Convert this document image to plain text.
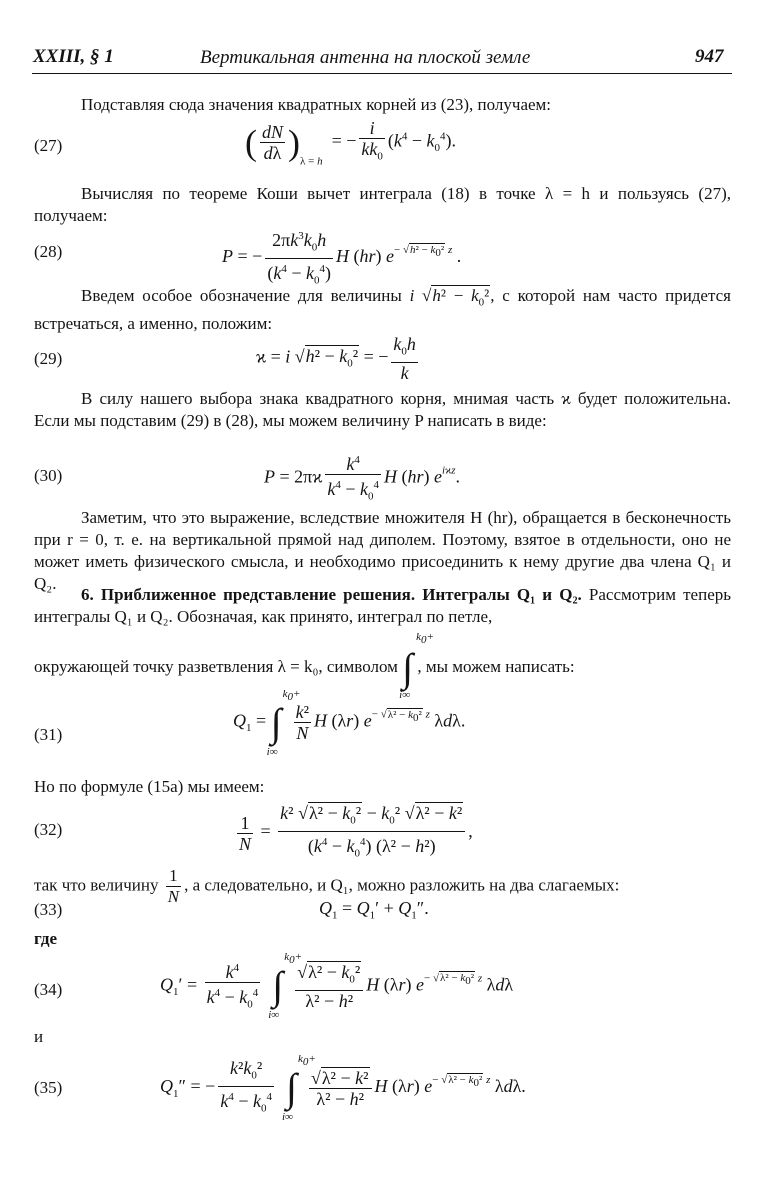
XXIII, § 1	Вертикальная антенна на плоской земле	947
Подставляя сюда значения квадратных корней из (23), получаем:
(27)	( $\frac{dN}{d\lambda} )_{\lambda = h}$  = − $\frac{i}{kk_0} (k^4 - k_0^4)$.
Вычисляя по теореме Коши вычет интеграла (18) в точке λ = h и пользуясь (27), получаем:
(28)	P = − $\frac{2\pi k^3k_0h}{(k^4 - k_0^4)}$ H (hr) $e^{- √h^2 - k_0^2 z}$ .
Введем особое обозначение для величины i $√h^2 - k_0^2$, с которой нам часто придется встречаться, а именно, положим:
(29)	ϰ = i $√h^2 - k_0^2$ = − $\frac{k_0h}{k}$
В силу нашего выбора знака квадратного корня, мнимая часть ϰ будет положительна. Если мы подставим (29) в (28), мы можем величину P написать в виде:
(30)	$P = 2\pi ϰ \frac{k^4}{k^4 - k_0^4}$ H (hr) $e^{iϰz}$.
Заметим, что это выражение, вследствие множителя H (hr), обращается в бесконечность при r = 0, т. е. на вертикальной прямой над диполем. Поэтому, взятое в отдельности, оно не может иметь физического смысла, и необходимо присоединить к нему другие два члена Q₁ и Q₂.
6. Приближенное представление решения. Интегралы Q₁ и Q₂. Рассмотрим теперь интегралы Q₁ и Q₂. Обозначая, как принято, интеграл по петле,
окружающей точку разветвления λ = k₀, символом ∫
$k_0+$
i∞
, мы можем написать:
(31)
$Q_1$ = ∫
$k_0+$
i∞

$\frac{\text{k²}}{N}$ H (λr) $e^{- √\lambda^2 - k_0^2 z}$ λdλ.
Но по формуле (15а) мы имеем:
(32)	$\frac{1}{N} = \frac{k^2 √\lambda^2 - k_0^2 - k_0^2 √\lambda^2 - k^2}{(k^4 - k_0^4) (\lambda^2 - h^2)}$ ,
так что величину $\frac{1}{N}$ , а следовательно, и Q₁, можно разложить на два слагаемых:
(33)	$Q_1 = Q_1' + Q_1''$.
где
(34)	$Q_1' = \frac{k^4}{k^4 - k_0^4}$ ∫
$k_0+$
i∞

$\frac{√\lambda^2 - k_0^2}{\text{λ² − h²}}$ H (λr) $e^{- √\lambda^2 - k_0^2 z}$ λdλ
и
(35)	$Q_1''$ = − $\frac{k^2k_0^2}{k^4 - k_0^4}$ ∫
$k_0+$
i∞

$\frac{\text{√λ² − k²}}{\text{λ² − h²}}$ H (λr) $e^{- √\lambda^2 - k_0^2 z}$ λdλ.
